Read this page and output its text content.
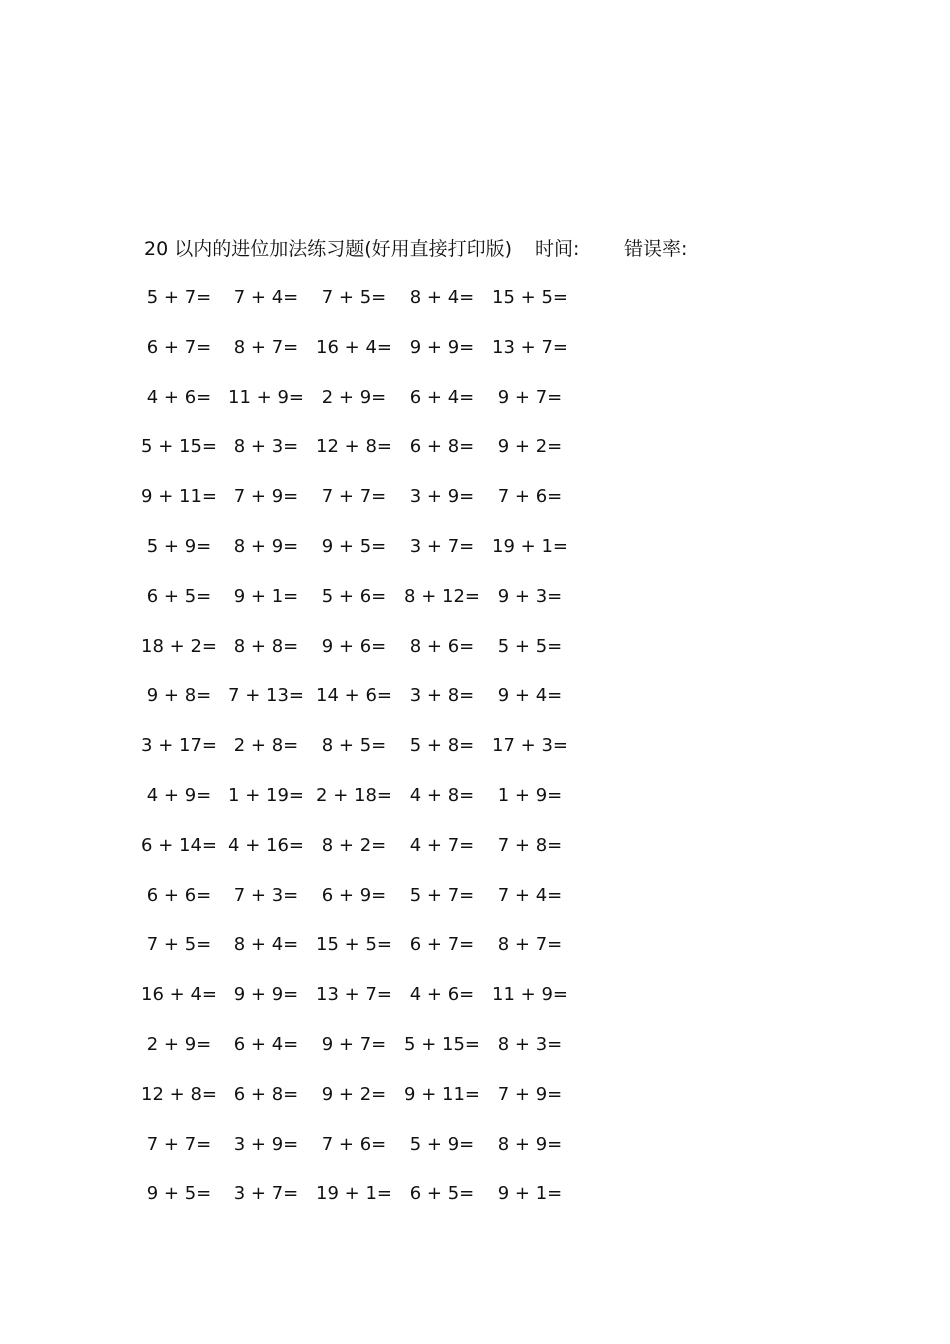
20 以内的进位加法练习题(好用直接打印版) 时间: 错误率:
5 + 7=	7 + 4=	7 + 5=	8 + 4= 15 + 5=
6 + 7=	8 + 7= 16 + 4= 9 + 9= 13 + 7=
4 + 6= 11 + 9= 2 + 9=	6 + 4=	9 + 7=
5 + 15= 8 + 3= 12 + 8= 6 + 8=	9 + 2=
9 + 11= 7 + 9=	7 + 7=	3 + 9=	7 + 6=
5 + 9=	8 + 9=	9 + 5=	3 + 7= 19 + 1=
6 + 5=	9 + 1=	5 + 6= 8 + 12= 9 + 3=
18 + 2= 8 + 8=	9 + 6=	8 + 6=	5 + 5=
9 + 8= 7 + 13= 14 + 6= 3 + 8=	9 + 4=
3 + 17= 2 + 8=	8 + 5=	5 + 8= 17 + 3=
4 + 9= 1 + 19= 2 + 18= 4 + 8=	1 + 9=
6 + 14= 4 + 16= 8 + 2=	4 + 7=	7 + 8=
6 + 6=	7 + 3=	6 + 9=	5 + 7=	7 + 4=
7 + 5=	8 + 4= 15 + 5= 6 + 7=	8 + 7=
16 + 4= 9 + 9= 13 + 7= 4 + 6= 11 + 9=
2 + 9=	6 + 4=	9 + 7= 5 + 15= 8 + 3=
12 + 8= 6 + 8=	9 + 2= 9 + 11= 7 + 9=
7 + 7=	3 + 9=	7 + 6=	5 + 9=	8 + 9=
9 + 5=	3 + 7= 19 + 1= 6 + 5=	9 + 1=
